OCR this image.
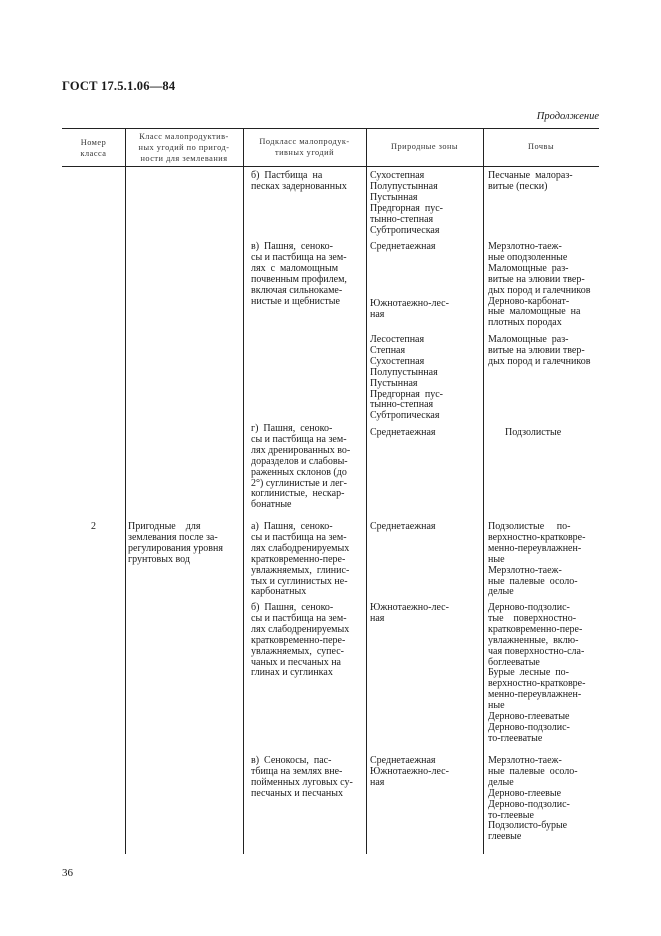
ГОСТ 17.5.1.06—84
Продолжение
Номер
класса
Класс малопродуктив-
ных угодий по пригод-
ности для землевания
Подкласс малопродук-
тивных угодий
Природные зоны	Почвы
2	Пригодные    для
землевания после за-
регулирования уровня
грунтовых вод
б)  Пастбища  на
песках задернованных
в)  Пашня,  сеноко-
сы и пастбища на зем-
лях  с  маломощным
почвенным профилем,
включая сильнокаме-
нистые и щебнистые
г)  Пашня,  сеноко-
сы и пастбища на зем-
лях дренированных во-
доразделов и слабовы-
раженных склонов (до
2°) суглинистые и лег-
коглинистые,  нескар-
бонатные
а)  Пашня,  сеноко-
сы и пастбища на зем-
лях слабодренируемых
кратковременно-пере-
увлажняемых,  глинис-
тых и суглинистых не-
карбонатных
б)  Пашня,  сеноко-
сы и пастбища на зем-
лях слабодренируемых
кратковременно-пере-
увлажняемых,  супес-
чаных и песчаных на
глинах и суглинках
в)  Сенокосы,  пас-
тбища на землях вне-
пойменных луговых су-
песчаных и песчаных
Сухостепная
Полупустынная
Пустынная
Предгорная  пус-
тынно-степная
Субтропическая
Среднетаежная
Южнотаежно-лес-
ная
Лесостепная
Степная
Сухостепная
Полупустынная
Пустынная
Предгорная  пус-
тынно-степная
Субтропическая
Среднетаежная
Среднетаежная
Южнотаежно-лес-
ная
Среднетаежная
Южнотаежно-лес-
ная
Песчаные  малораз-
витые (пески)
Мерзлотно-таеж-
ные оподзоленные
Маломощные  раз-
витые на элювии твер-
дых пород и галечников
Дерново-карбонат-
ные  маломощные  на
плотных породах
Маломощные  раз-
витые на элювии твер-
дых пород и галечников
Подзолистые
Подзолистые     по-
верхностно-кратковре-
менно-переувлажнен-
ные
Мерзлотно-таеж-
ные  палевые  осоло-
делые
Дерново-подзолис-
тые    поверхностно-
кратковременно-пере-
увлажненные,  вклю-
чая поверхностно-сла-
боглееватые
Бурые  лесные  по-
верхностно-кратковре-
менно-переувлажнен-
ные
Дерново-глееватые
Дерново-подзолис-
то-глееватые
Мерзлотно-таеж-
ные  палевые  осоло-
делые
Дерново-глеевые
Дерново-подзолис-
то-глеевые
Подзолисто-бурые
глеевые
36
